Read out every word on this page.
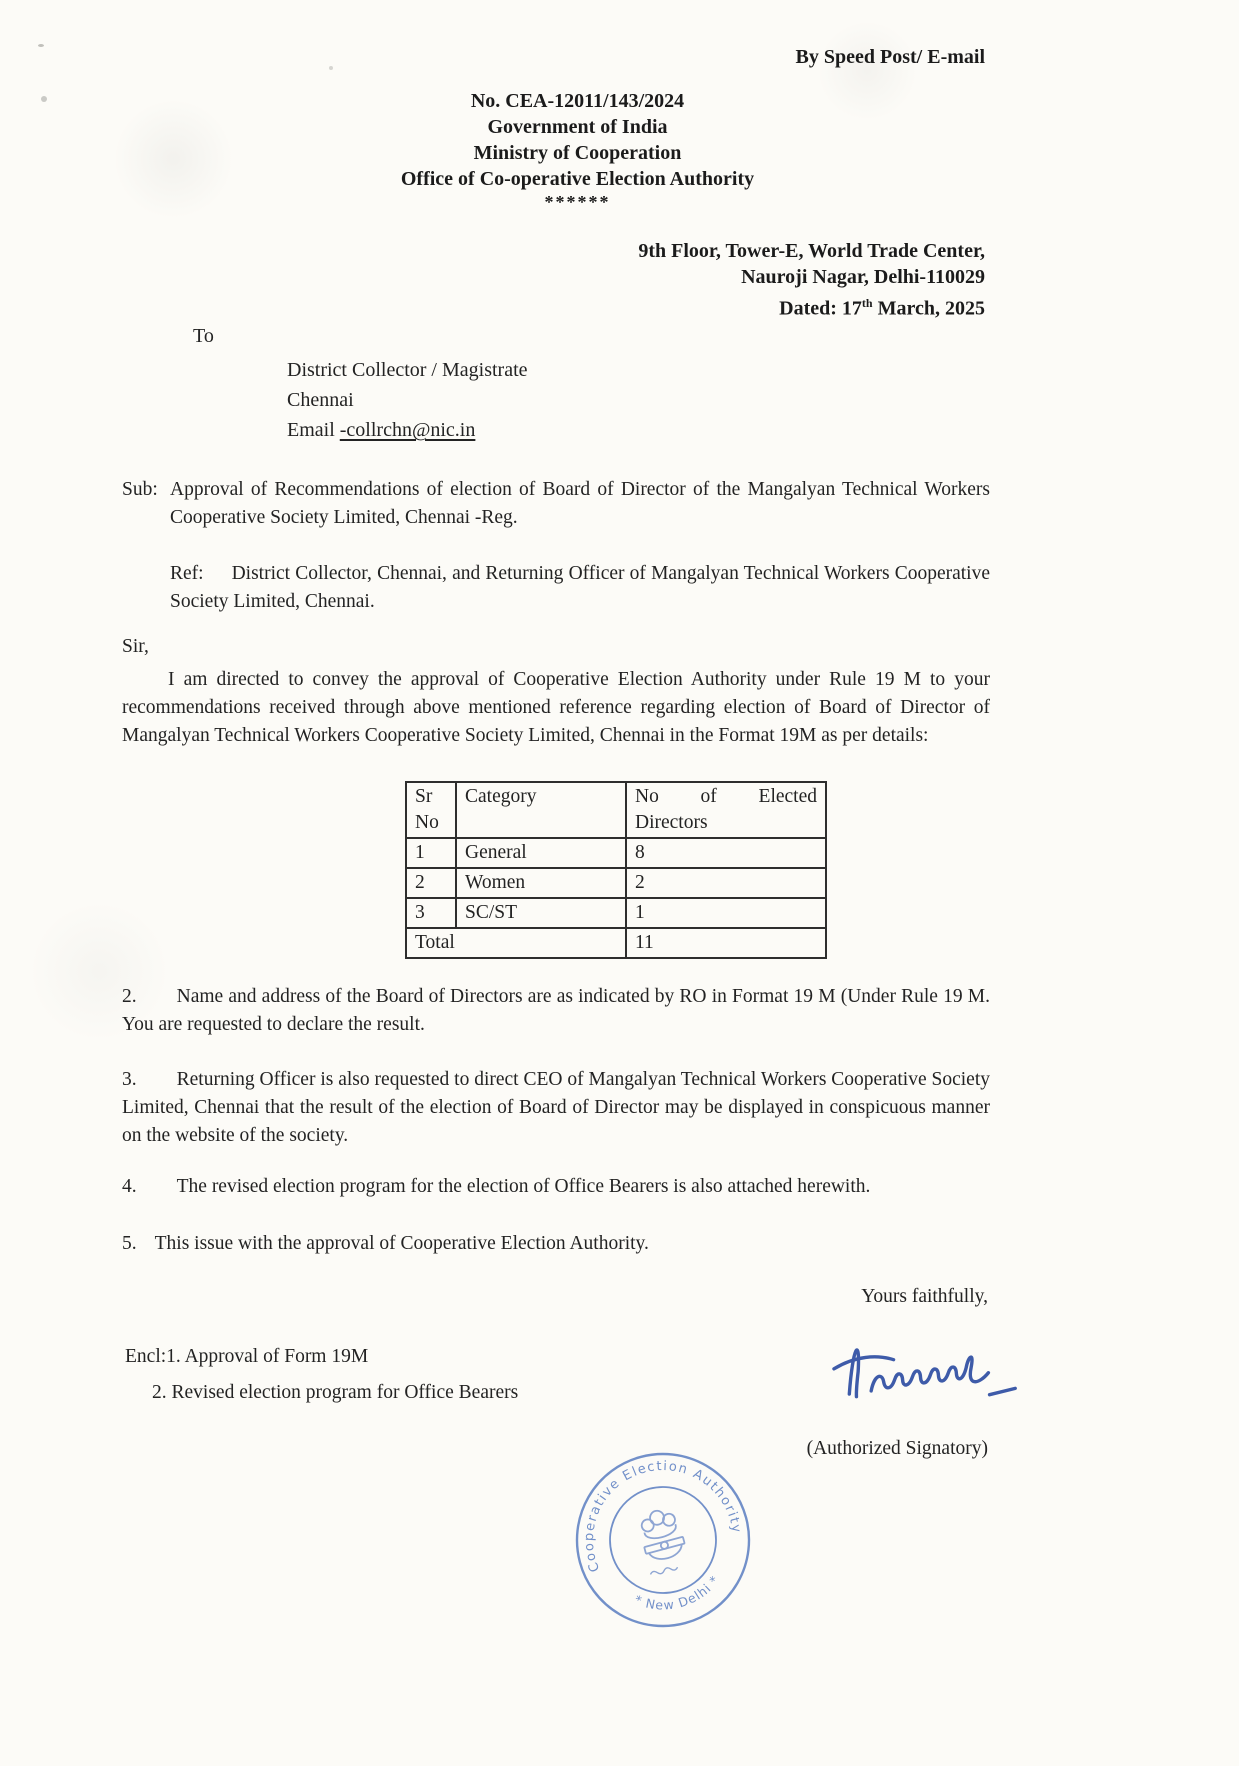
By Speed Post/ E-mail
No. CEA-12011/143/2024
Government of India
Ministry of Cooperation
Office of Co-operative Election Authority
******
9th Floor, Tower-E, World Trade Center,
Nauroji Nagar, Delhi-110029
Dated: 17th March, 2025
To
District Collector / Magistrate
Chennai
Email -collrchn@nic.in
Sub: Approval of Recommendations of election of Board of Director of the Mangalyan Technical Workers Cooperative Society Limited, Chennai -Reg.
Ref: District Collector, Chennai, and Returning Officer of Mangalyan Technical Workers Cooperative Society Limited, Chennai.
Sir,
I am directed to convey the approval of Cooperative Election Authority under Rule 19 M to your recommendations received through above mentioned reference regarding election of Board of Director of Mangalyan Technical Workers Cooperative Society Limited, Chennai in the Format 19M as per details:
Sr No	Category	No of Elected Directors
1	General	8
2	Women	2
3	SC/ST	1
Total		11
2. Name and address of the Board of Directors are as indicated by RO in Format 19 M (Under Rule 19 M. You are requested to declare the result.
3. Returning Officer is also requested to direct CEO of Mangalyan Technical Workers Cooperative Society Limited, Chennai that the result of the election of Board of Director may be displayed in conspicuous manner on the website of the society.
4. The revised election program for the election of Office Bearers is also attached herewith.
5. This issue with the approval of Cooperative Election Authority.
Yours faithfully,
Encl:1. Approval of Form 19M
2. Revised election program for Office Bearers
(Authorized Signatory)
Cooperative Election Authority
* New Delhi *
